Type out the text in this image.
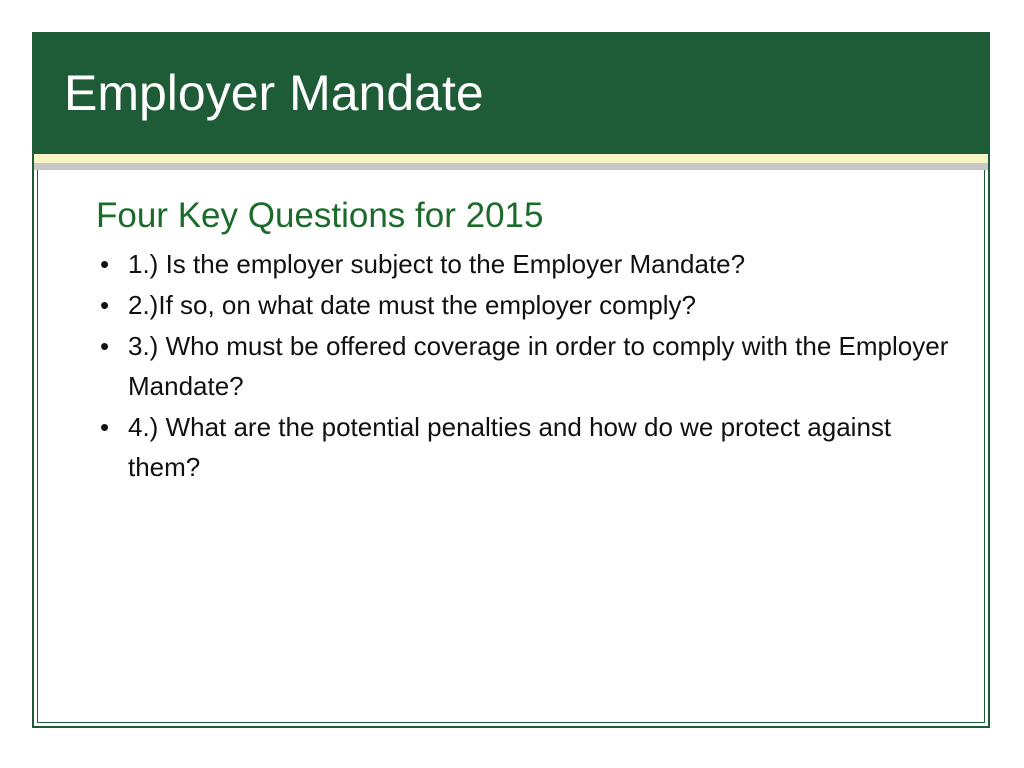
Employer Mandate
Four Key Questions for 2015
• 1.) Is the employer subject to the Employer Mandate?
• 2.)If so, on what date must the employer comply?
• 3.) Who must be offered coverage in order to comply with the Employer Mandate?
• 4.) What are the potential penalties and how do we protect against them?
